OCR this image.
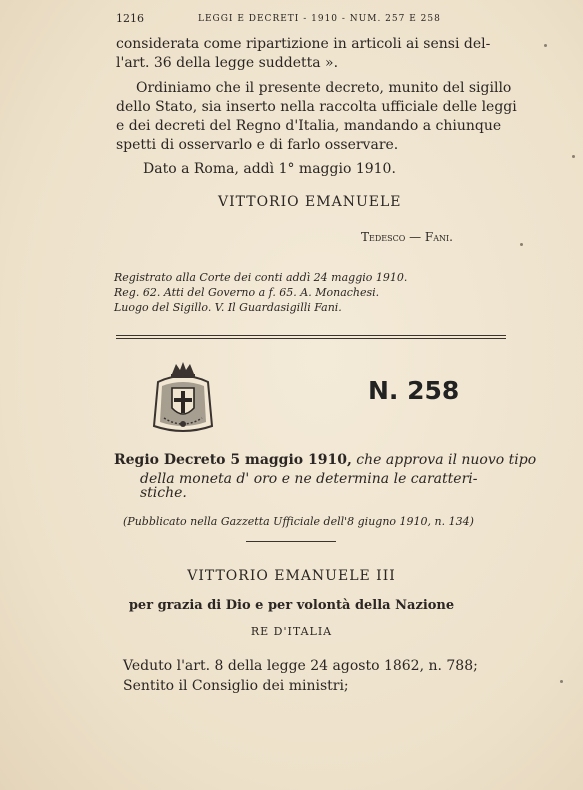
1216	LEGGI E DECRETI - 1910 - NUM. 257 E 258
considerata come ripartizione in articoli ai sensi del-
l'art. 36 della legge suddetta ».
Ordiniamo che il presente decreto, munito del sigillo
dello Stato, sia inserto nella raccolta ufficiale delle leggi
e dei decreti del Regno d'Italia, mandando a chiunque
spetti di osservarlo e di farlo osservare.
Dato a Roma, addì 1° maggio 1910.
VITTORIO EMANUELE
Tedesco — Fani.
Registrato alla Corte dei conti addì 24 maggio 1910.
Reg. 62. Atti del Governo a f. 65. A. Monachesi.
Luogo del Sigillo. V. Il Guardasigilli Fani.
N. 258
Regio Decreto 5 maggio 1910, che approva il nuovo tipo
della moneta d' oro e ne determina le caratteri-
stiche.
(Pubblicato nella Gazzetta Ufficiale dell'8 giugno 1910, n. 134)
VITTORIO EMANUELE III
per grazia di Dio e per volontà della Nazione
RE D'ITALIA
Veduto l'art. 8 della legge 24 agosto 1862, n. 788;
Sentito il Consiglio dei ministri;
